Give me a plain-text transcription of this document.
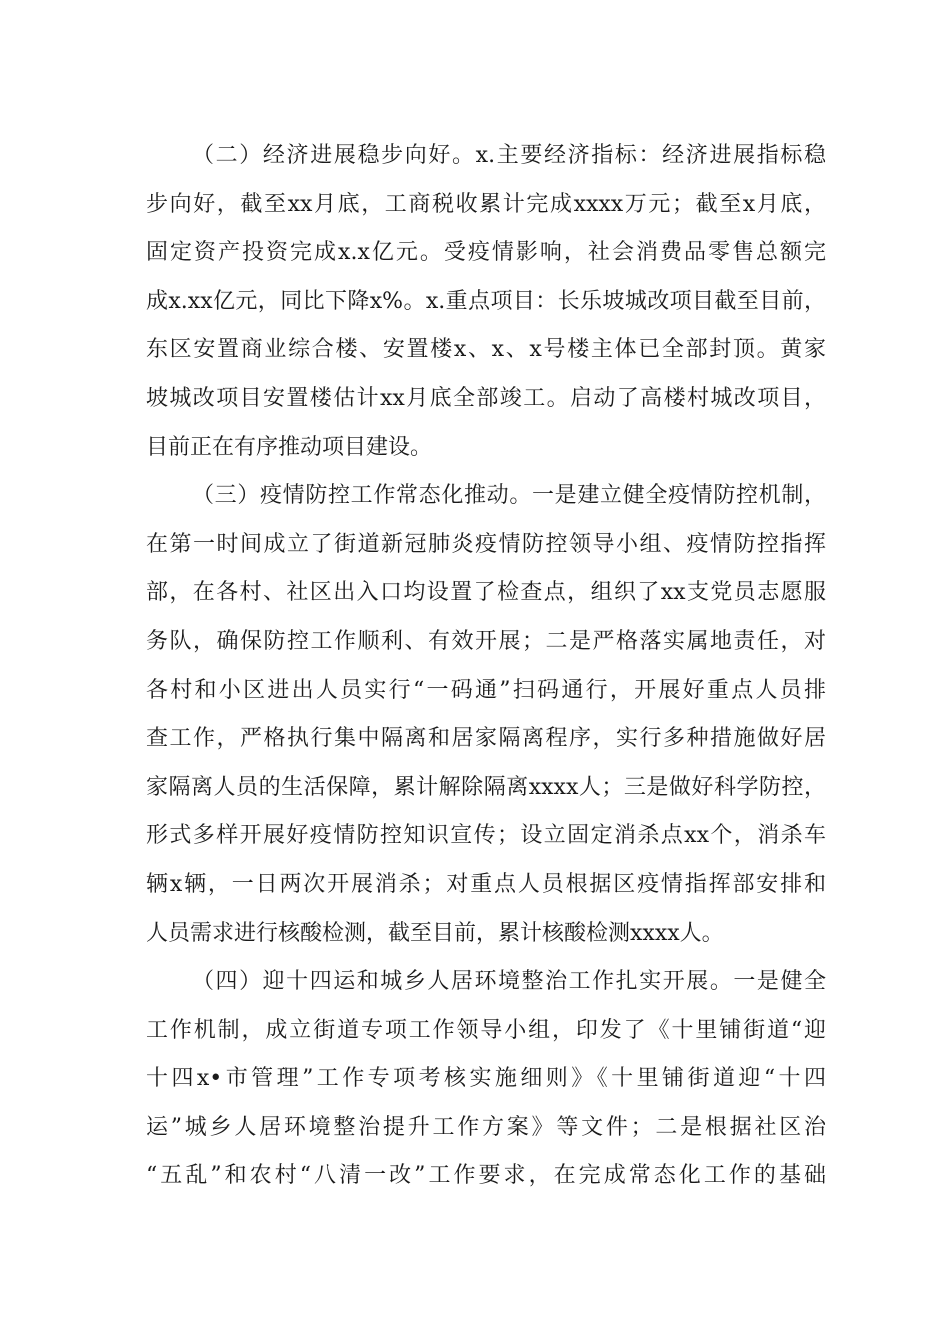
（二）经济进展稳步向好。x.主要经济指标：经济进展指标稳
步向好，截至xx月底，工商税收累计完成xxxx万元；截至x月底，
固定资产投资完成x.x亿元。受疫情影响，社会消费品零售总额完
成x.xx亿元，同比下降x%。x.重点项目：长乐坡城改项目截至目前，
东区安置商业综合楼、安置楼x、x、x号楼主体已全部封顶。黄家
坡城改项目安置楼估计xx月底全部竣工。启动了高楼村城改项目，
目前正在有序推动项目建设。
（三）疫情防控工作常态化推动。一是建立健全疫情防控机制，
在第一时间成立了街道新冠肺炎疫情防控领导小组、疫情防控指挥
部，在各村、社区出入口均设置了检查点，组织了xx支党员志愿服
务队，确保防控工作顺利、有效开展；二是严格落实属地责任，对
各村和小区进出人员实行“一码通”扫码通行，开展好重点人员排
查工作，严格执行集中隔离和居家隔离程序，实行多种措施做好居
家隔离人员的生活保障，累计解除隔离xxxx人；三是做好科学防控，
形式多样开展好疫情防控知识宣传；设立固定消杀点xx个，消杀车
辆x辆，一日两次开展消杀；对重点人员根据区疫情指挥部安排和
人员需求进行核酸检测，截至目前，累计核酸检测xxxx人。
（四）迎十四运和城乡人居环境整治工作扎实开展。一是健全
工作机制，成立街道专项工作领导小组，印发了《十里铺街道“迎
十四x•市管理”工作专项考核实施细则》《十里铺街道迎“十四
运”城乡人居环境整治提升工作方案》等文件；二是根据社区治
“五乱”和农村“八清一改”工作要求，在完成常态化工作的基础
